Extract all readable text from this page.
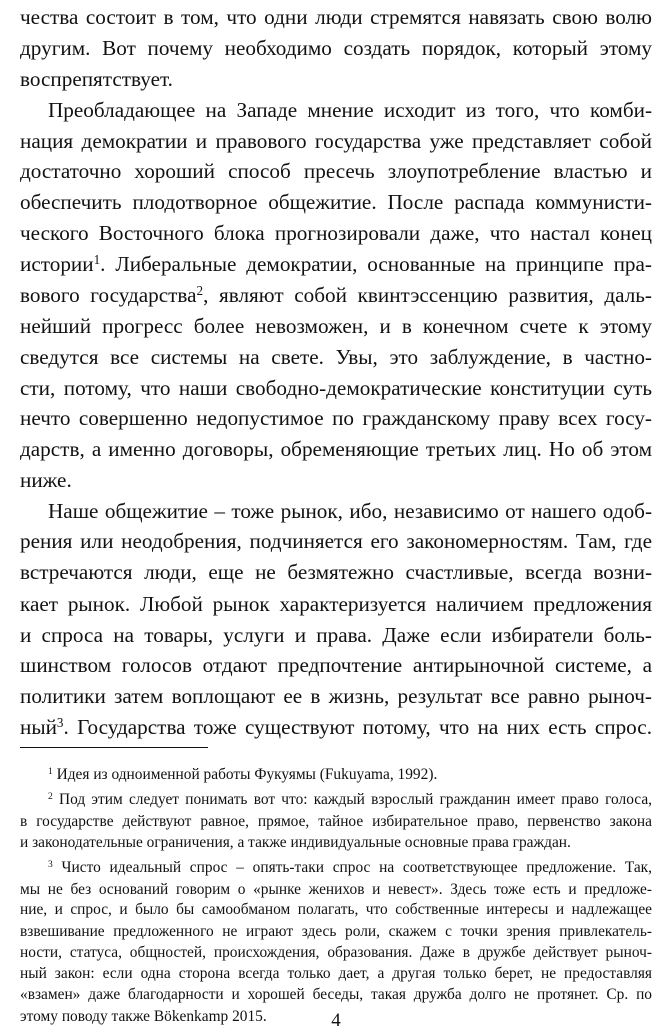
чества состоит в том, что одни люди стремятся навязать свою волю
другим. Вот почему необходимо создать порядок, который этому
воспрепятствует.
Преобладающее на Западе мнение исходит из того, что комби-
нация демократии и правового государства уже представляет собой
достаточно хороший способ пресечь злоупотребление властью и
обеспечить плодотворное общежитие. После распада коммунисти-
ческого Восточного блока прогнозировали даже, что настал конец
истории$^1$. Либеральные демократии, основанные на принципе пра-
вового государства$^2$, являют собой квинтэссенцию развития, даль-
нейший прогресс более невозможен, и в конечном счете к этому
сведутся все системы на свете. Увы, это заблуждение, в частно-
сти, потому, что наши свободно-демократические конституции суть
нечто совершенно недопустимое по гражданскому праву всех госу-
дарств, а именно договоры, обременяющие третьих лиц. Но об этом
ниже.
Наше общежитие – тоже рынок, ибо, независимо от нашего одоб-
рения или неодобрения, подчиняется его закономерностям. Там, где
встречаются люди, еще не безмятежно счастливые, всегда возни-
кает рынок. Любой рынок характеризуется наличием предложения
и спроса на товары, услуги и права. Даже если избиратели боль-
шинством голосов отдают предпочтение антирыночной системе, а
политики затем воплощают ее в жизнь, результат все равно рыноч-
ный$^3$. Государства тоже существуют потому, что на них есть спрос.
$^1$ Идея из одноименной работы Фукуямы (Fukuyama, 1992).
$^2$ Под этим следует понимать вот что: каждый взрослый гражданин имеет право голоса,
в государстве действуют равное, прямое, тайное избирательное право, первенство закона
и законодательные ограничения, а также индивидуальные основные права граждан.
$^3$ Чисто идеальный спрос – опять-таки спрос на соответствующее предложение. Так,
мы не без оснований говорим о «рынке женихов и невест». Здесь тоже есть и предложе-
ние, и спрос, и было бы самообманом полагать, что собственные интересы и надлежащее
взвешивание предложенного не играют здесь роли, скажем с точки зрения привлекатель-
ности, статуса, общностей, происхождения, образования. Даже в дружбе действует рыноч-
ный закон: если одна сторона всегда только дает, а другая только берет, не предоставляя
«взамен» даже благодарности и хорошей беседы, такая дружба долго не протянет. Ср. по
этому поводу также Bökenkamp 2015.	4
